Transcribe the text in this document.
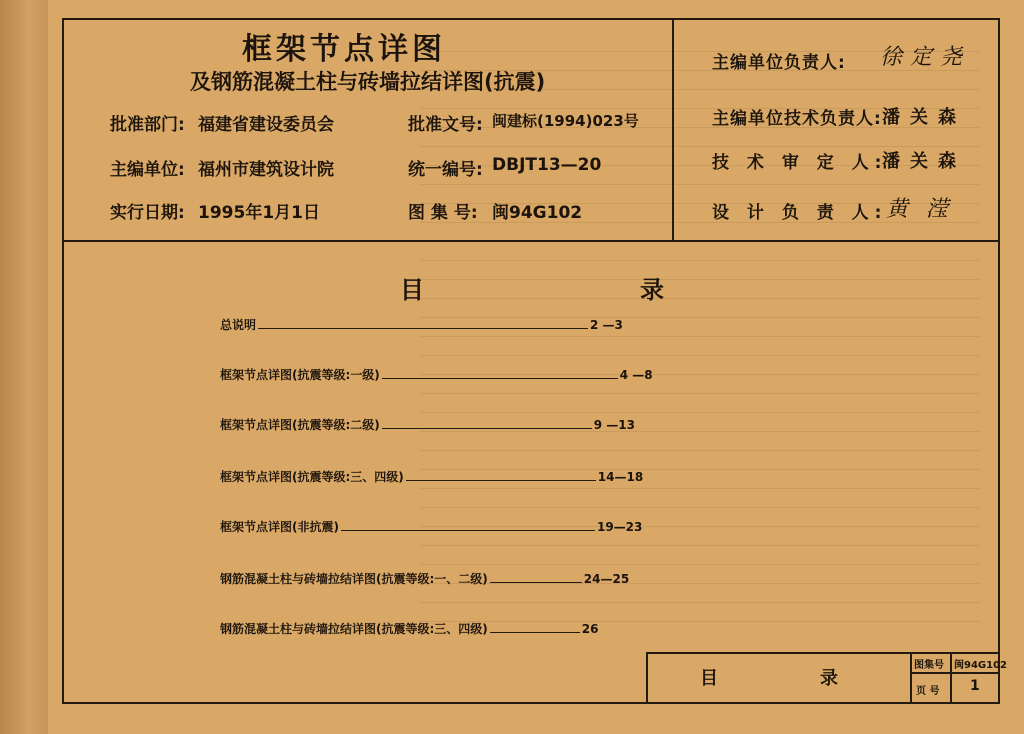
框架节点详图
及钢筋混凝土柱与砖墙拉结详图(抗震)
批准部门: 福建省建设委员会	批准文号: 闽建标(1994)023号
主编单位: 福州市建筑设计院	统一编号: DBJT13—20
实行日期: 1995年1月1日	图 集 号: 闽94G102
主编单位负责人: 徐定尧
主编单位技术负责人: 潘关森
技 术 审 定 人:
潘关森
设 计 负 责 人:
黄滢
目	录
总说明	2 —3
框架节点详图(抗震等级:一级)	4 —8
框架节点详图(抗震等级:二级)	9 —13
框架节点详图(抗震等级:三、四级)	14—18
框架节点详图(非抗震)	19—23
钢筋混凝土柱与砖墙拉结详图(抗震等级:一、二级)	24—25
钢筋混凝土柱与砖墙拉结详图(抗震等级:三、四级)	26
目	录
图集号 闽94G102
页 号 1
